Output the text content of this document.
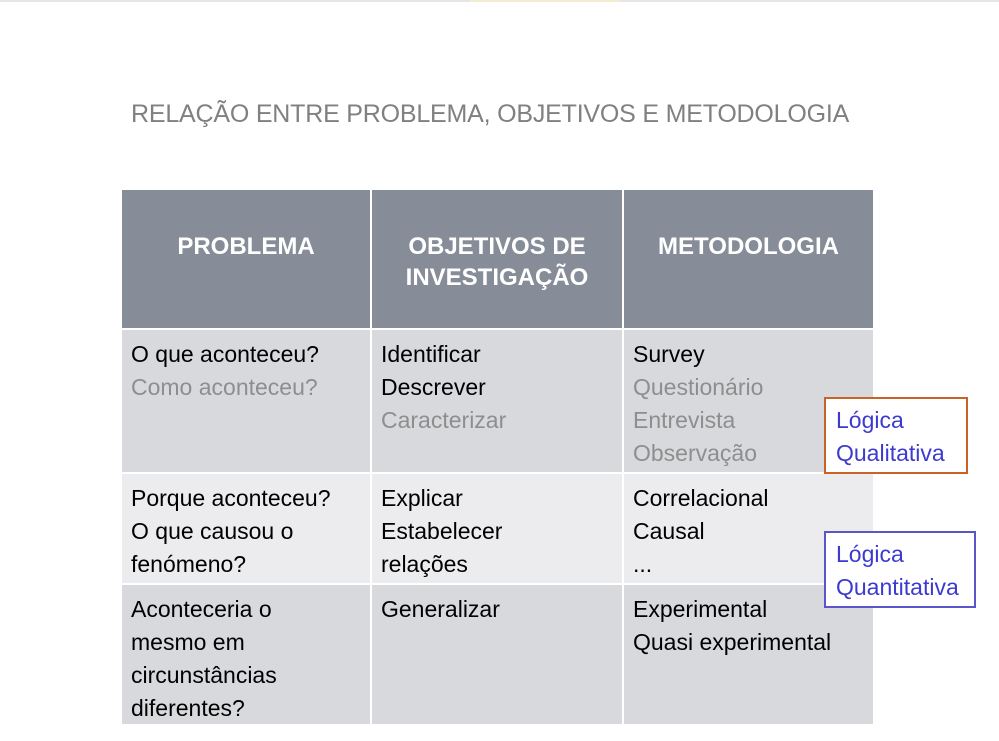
RELAÇÃO ENTRE PROBLEMA, OBJETIVOS E METODOLOGIA
PROBLEMA	OBJETIVOS DE
INVESTIGAÇÃO
METODOLOGIA
O que aconteceu?
Como aconteceu?
Identificar
Descrever
Caracterizar
Survey
Questionário
Entrevista
Observação
Porque aconteceu?
O que causou o
fenómeno?
Explicar
Estabelecer
relações
Correlacional
Causal
...
Aconteceria o
mesmo em
circunstâncias
diferentes?
Generalizar	Experimental
Quasi experimental
Lógica
Qualitativa
Lógica
Quantitativa
